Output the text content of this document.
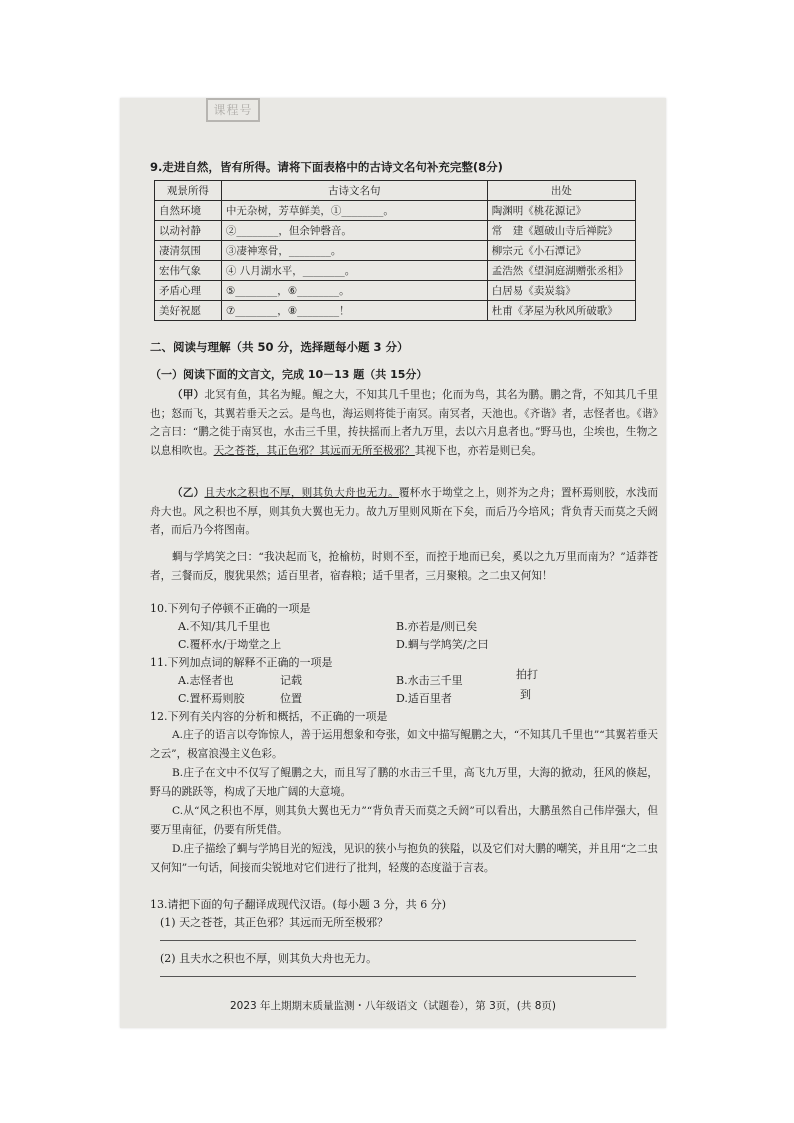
课程号
9.走进自然，皆有所得。请将下面表格中的古诗文名句补充完整(8分)
观景所得	古诗文名句	出处
自然环境	中无杂树，芳草鲜美，①________。	陶渊明《桃花源记》
以动衬静	②________，但余钟磬音。	常　建《题破山寺后禅院》
凄清氛围	③凄神寒骨，________。	柳宗元《小石潭记》
宏伟气象	④ 八月湖水平，________。	孟浩然《望洞庭湖赠张丞相》
矛盾心理	⑤________，⑥________。	白居易《卖炭翁》
美好祝愿	⑦________，⑧________！	杜甫《茅屋为秋风所破歌》
二、阅读与理解（共 50 分，选择题每小题 3 分）
（一）阅读下面的文言文，完成 10－13 题（共 15分）
（甲）北冥有鱼，其名为鲲。鲲之大，不知其几千里也；化而为鸟，其名为鹏。鹏之背，不知其几千里也；怒而飞，其翼若垂天之云。是鸟也，海运则将徙于南冥。南冥者，天池也。《齐谐》者，志怪者也。《谐》之言曰：“鹏之徙于南冥也，水击三千里，抟扶摇而上者九万里，去以六月息者也。”野马也，尘埃也，生物之以息相吹也。天之苍苍，其正色邪？其远而无所至极邪？其视下也，亦若是则已矣。
（乙）且夫水之积也不厚，则其负大舟也无力。覆杯水于坳堂之上，则芥为之舟；置杯焉则胶，水浅而舟大也。风之积也不厚，则其负大翼也无力。故九万里则风斯在下矣，而后乃今培风；背负青天而莫之夭阏者，而后乃今将图南。
蜩与学鸠笑之曰：“我决起而飞，抢榆枋，时则不至，而控于地而已矣，奚以之九万里而南为？”适莽苍者，三餐而反，腹犹果然；适百里者，宿舂粮；适千里者，三月聚粮。之二虫又何知！
10.下列句子停顿不正确的一项是
A.不知/其几千里也	B.亦若是/则已矣
C.覆杯水/于坳堂之上	D.蜩与学鸠笑/之曰
11.下列加点词的解释不正确的一项是
A.志怪者也	记载	B.水击三千里	拍打
C.置杯焉则胶	位置	D.适百里者	到
12.下列有关内容的分析和概括，不正确的一项是
A.庄子的语言以夸饰惊人，善于运用想象和夸张，如文中描写鲲鹏之大，“不知其几千里也”“其翼若垂天之云”，极富浪漫主义色彩。
B.庄子在文中不仅写了鲲鹏之大，而且写了鹏的水击三千里，高飞九万里，大海的掀动，狂风的倏起，野马的跳跃等，构成了天地广阔的大意境。
C.从“风之积也不厚，则其负大翼也无力”“背负青天而莫之夭阏”可以看出，大鹏虽然自己伟岸强大，但要万里南征，仍要有所凭借。
D.庄子描绘了蜩与学鸠目光的短浅，见识的狭小与抱负的狭隘，以及它们对大鹏的嘲笑，并且用“之二虫又何知”一句话，间接而尖锐地对它们进行了批判，轻蔑的态度溢于言表。
13.请把下面的句子翻译成现代汉语。(每小题 3 分，共 6 分)
(1) 天之苍苍，其正色邪？其远而无所至极邪？
(2) 且夫水之积也不厚，则其负大舟也无力。
2023 年上期期末质量监测・八年级语文（试题卷），第 3页，(共 8页)
